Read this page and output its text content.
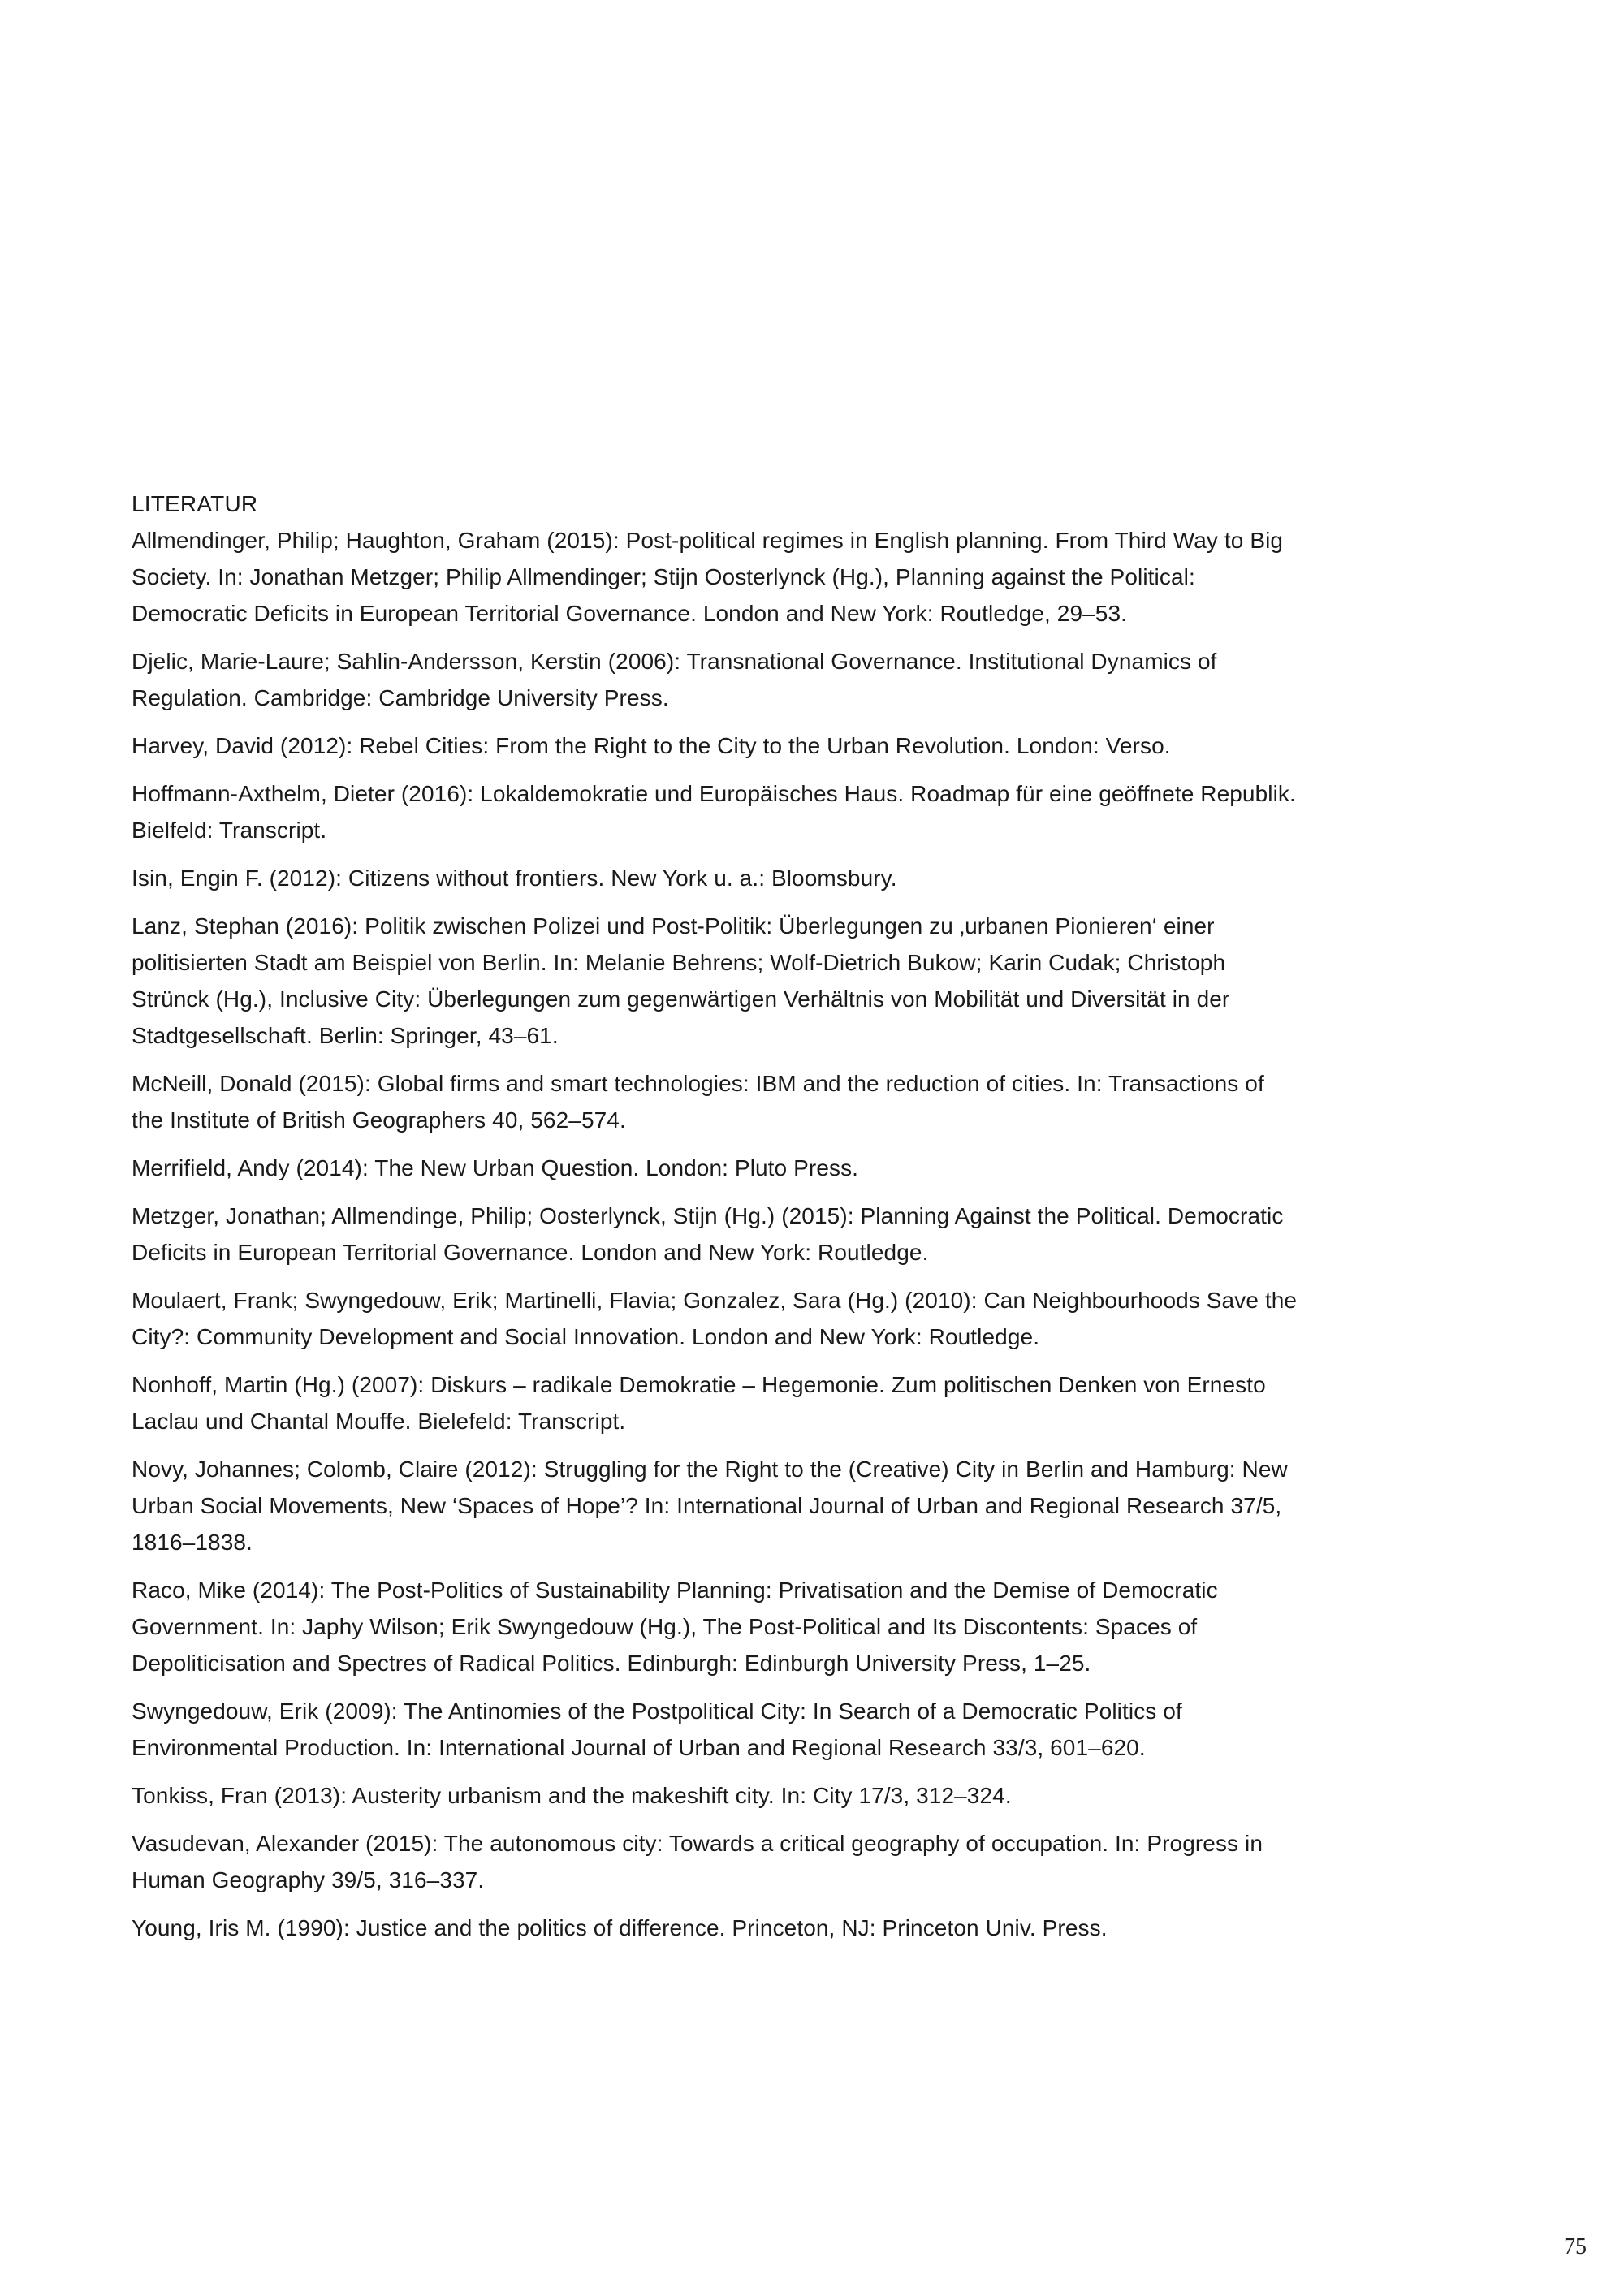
LITERATUR
Allmendinger, Philip; Haughton, Graham (2015): Post-political regimes in English planning. From Third Way to Big Society. In: Jonathan Metzger; Philip Allmendinger; Stijn Oosterlynck (Hg.), Planning against the Political: Democratic Deficits in European Territorial Governance. London and New York: Routledge, 29–53.
Djelic, Marie-Laure; Sahlin-Andersson, Kerstin (2006): Transnational Governance. Institutional Dynamics of Regulation. Cambridge: Cambridge University Press.
Harvey, David (2012): Rebel Cities: From the Right to the City to the Urban Revolution. London: Verso.
Hoffmann-Axthelm, Dieter (2016): Lokaldemokratie und Europäisches Haus. Roadmap für eine geöffnete Republik. Bielfeld: Transcript.
Isin, Engin F. (2012): Citizens without frontiers. New York u. a.: Bloomsbury.
Lanz, Stephan (2016): Politik zwischen Polizei und Post-Politik: Überlegungen zu ‚urbanen Pionieren‘ einer politisierten Stadt am Beispiel von Berlin. In: Melanie Behrens; Wolf-Dietrich Bukow; Karin Cudak; Christoph Strünck (Hg.), Inclusive City: Überlegungen zum gegenwärtigen Verhältnis von Mobilität und Diversität in der Stadtgesellschaft. Berlin: Springer, 43–61.
McNeill, Donald (2015): Global firms and smart technologies: IBM and the reduction of cities. In: Transactions of the Institute of British Geographers 40, 562–574.
Merrifield, Andy (2014): The New Urban Question. London: Pluto Press.
Metzger, Jonathan; Allmendinge, Philip; Oosterlynck, Stijn (Hg.) (2015): Planning Against the Political. Democratic Deficits in European Territorial Governance. London and New York: Routledge.
Moulaert, Frank; Swyngedouw, Erik; Martinelli, Flavia; Gonzalez, Sara (Hg.) (2010): Can Neighbourhoods Save the City?: Community Development and Social Innovation. London and New York: Routledge.
Nonhoff, Martin (Hg.) (2007): Diskurs – radikale Demokratie – Hegemonie. Zum politischen Denken von Ernesto Laclau und Chantal Mouffe. Bielefeld: Transcript.
Novy, Johannes; Colomb, Claire (2012): Struggling for the Right to the (Creative) City in Berlin and Hamburg: New Urban Social Movements, New ‘Spaces of Hope’? In: International Journal of Urban and Regional Research 37/5, 1816–1838.
Raco, Mike (2014): The Post-Politics of Sustainability Planning: Privatisation and the Demise of Democratic Government. In: Japhy Wilson; Erik Swyngedouw (Hg.), The Post-Political and Its Discontents: Spaces of Depoliticisation and Spectres of Radical Politics. Edinburgh: Edinburgh University Press, 1–25.
Swyngedouw, Erik (2009): The Antinomies of the Postpolitical City: In Search of a Democratic Politics of Environmental Production. In: International Journal of Urban and Regional Research 33/3, 601–620.
Tonkiss, Fran (2013): Austerity urbanism and the makeshift city. In: City 17/3, 312–324.
Vasudevan, Alexander (2015): The autonomous city: Towards a critical geography of occupation. In: Progress in Human Geography 39/5, 316–337.
Young, Iris M. (1990): Justice and the politics of difference. Princeton, NJ: Princeton Univ. Press.
75
